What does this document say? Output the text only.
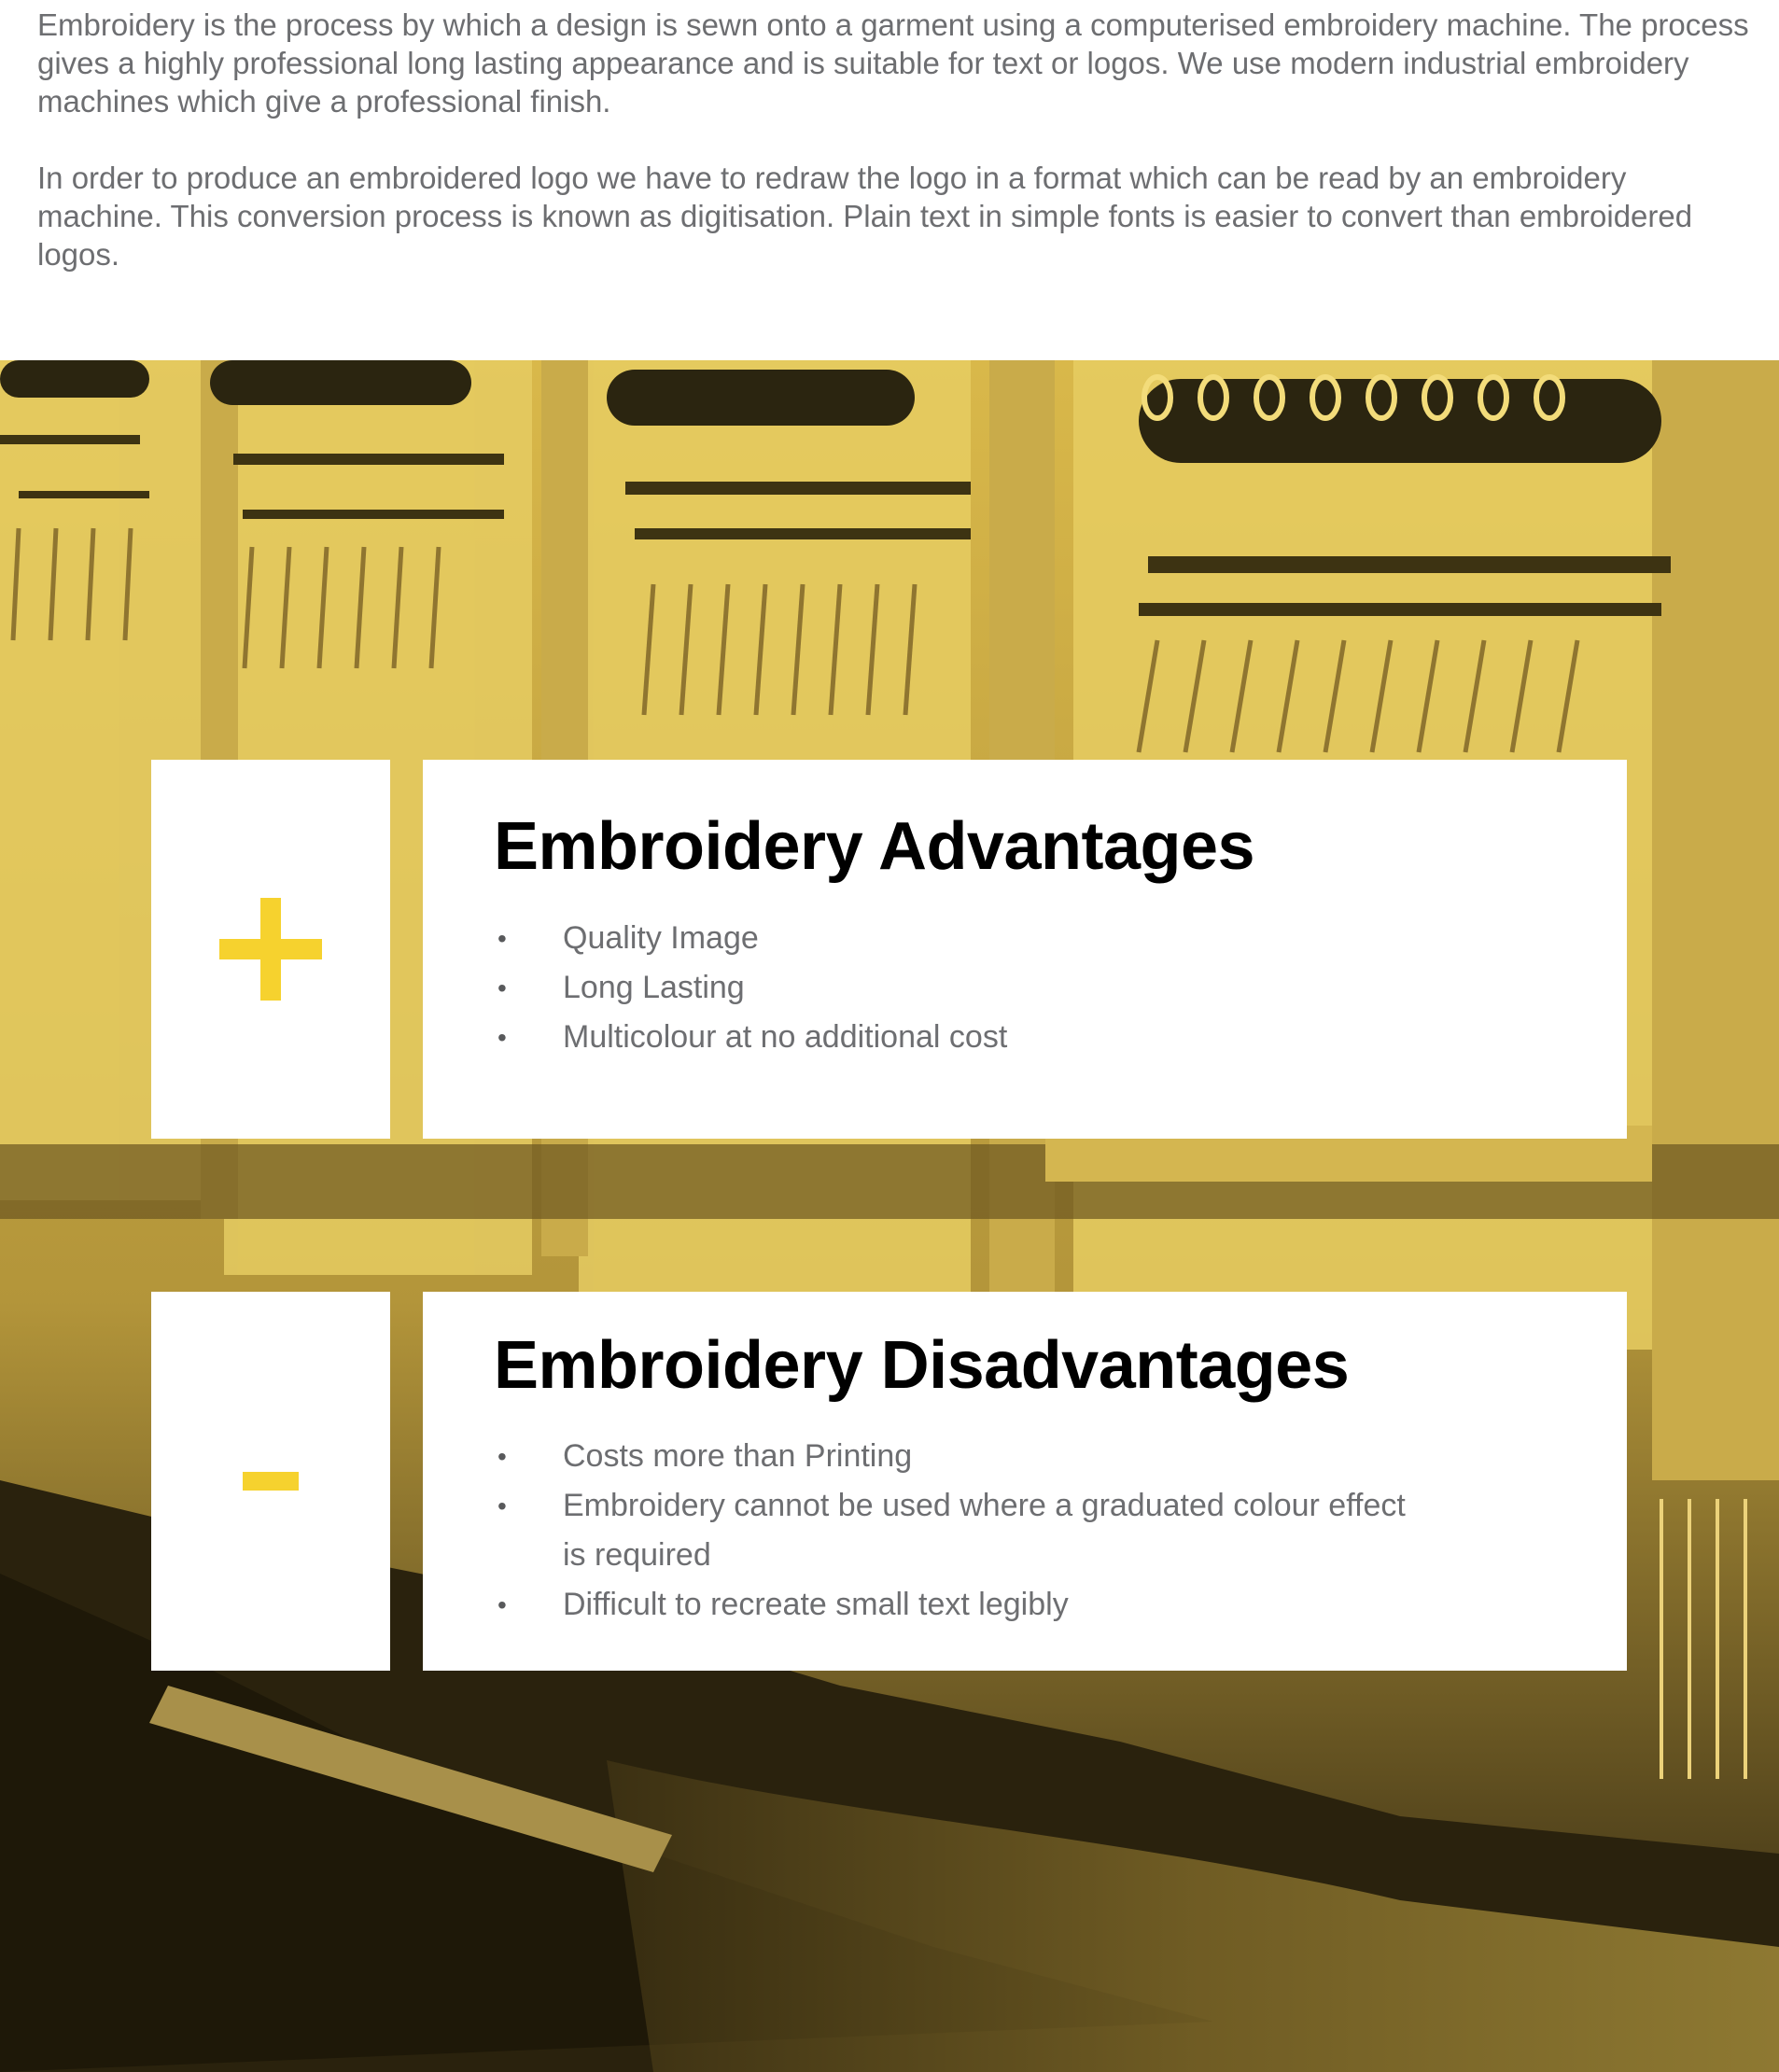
Embroidery is the process by which a design is sewn onto a garment using a computerised embroidery machine. The process gives a highly professional long lasting appearance and is suitable for text or logos. We use modern industrial embroidery machines which give a professional finish.

In order to produce an embroidered logo we have to redraw the logo in a format which can be read by an embroidery machine. This conversion process is known as digitisation. Plain text in simple fonts is easier to convert than embroidered logos.

Embroidery Advantages
• Quality Image
• Long Lasting
• Multicolour at no additional cost
Embroidery Disadvantages
• Costs more than Printing
• Embroidery cannot be used where a graduated colour effect is required
• Difficult to recreate small text legibly
